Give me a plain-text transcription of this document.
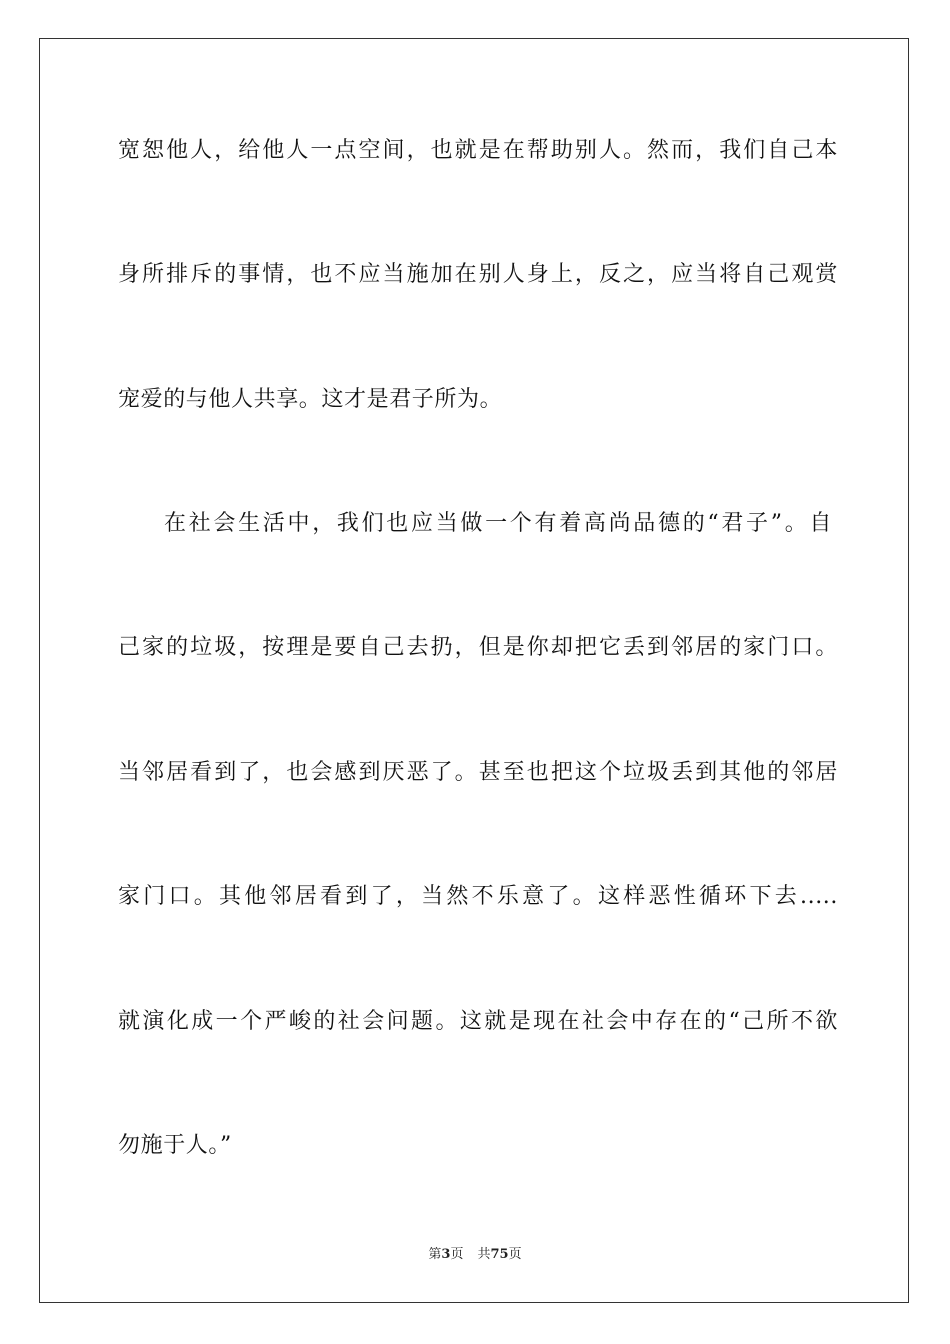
宽恕他人，给他人一点空间，也就是在帮助别人。然而，我们自己本
身所排斥的事情，也不应当施加在别人身上，反之，应当将自己观赏
宠爱的与他人共享。这才是君子所为。
在社会生活中，我们也应当做一个有着高尚品德的“君子”。自
己家的垃圾，按理是要自己去扔，但是你却把它丢到邻居的家门口。
当邻居看到了，也会感到厌恶了。甚至也把这个垃圾丢到其他的邻居
家门口。其他邻居看到了，当然不乐意了。这样恶性循环下去.....
就演化成一个严峻的社会问题。这就是现在社会中存在的“己所不欲
勿施于人。”
第3页 共75页
